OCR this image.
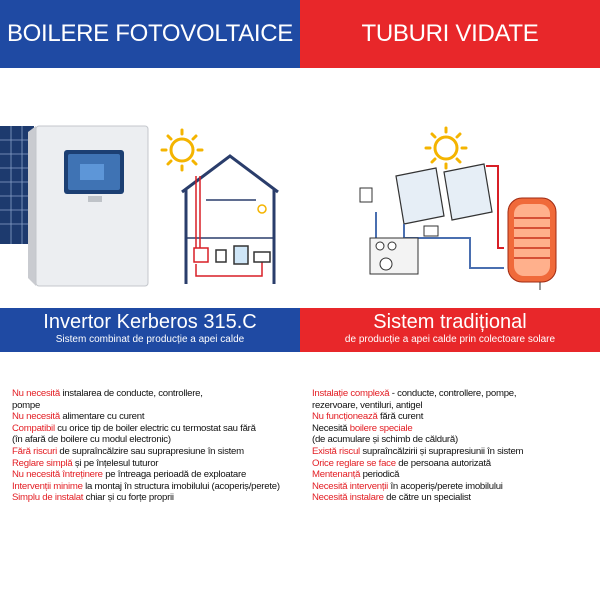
BOILERE FOTOVOLTAICE
Invertor Kerberos 315.C
Sistem combinat de producție a apei calde
Nu necesită instalarea de conducte, controllere,
pompe
Nu necesită alimentare cu curent
Compatibil cu orice tip de boiler electric cu termostat sau fără
(în afară de boilere cu modul electronic)
Fără riscuri de supraîncălzire sau suprapresiune în sistem
Reglare simplă și pe înțelesul tuturor
Nu necesită întreținere pe întreaga perioadă de exploatare
Intervenții minime la montaj în structura imobilului (acoperiș/perete)
Simplu de instalat chiar și cu forțe proprii
TUBURI VIDATE
Sistem tradițional
de producție a apei calde prin colectoare solare
Instalație complexă - conducte, controllere, pompe,
rezervoare, ventiluri, antigel
Nu funcționează fără curent
Necesită boilere speciale
(de acumulare și schimb de căldură)
Există riscul supraîncălzirii și suprapresiunii în sistem
Orice reglare se face de persoana autorizată
Mentenanță periodică
Necesită intervenții în acoperiș/perete imobilului
Necesită instalare de către un specialist
